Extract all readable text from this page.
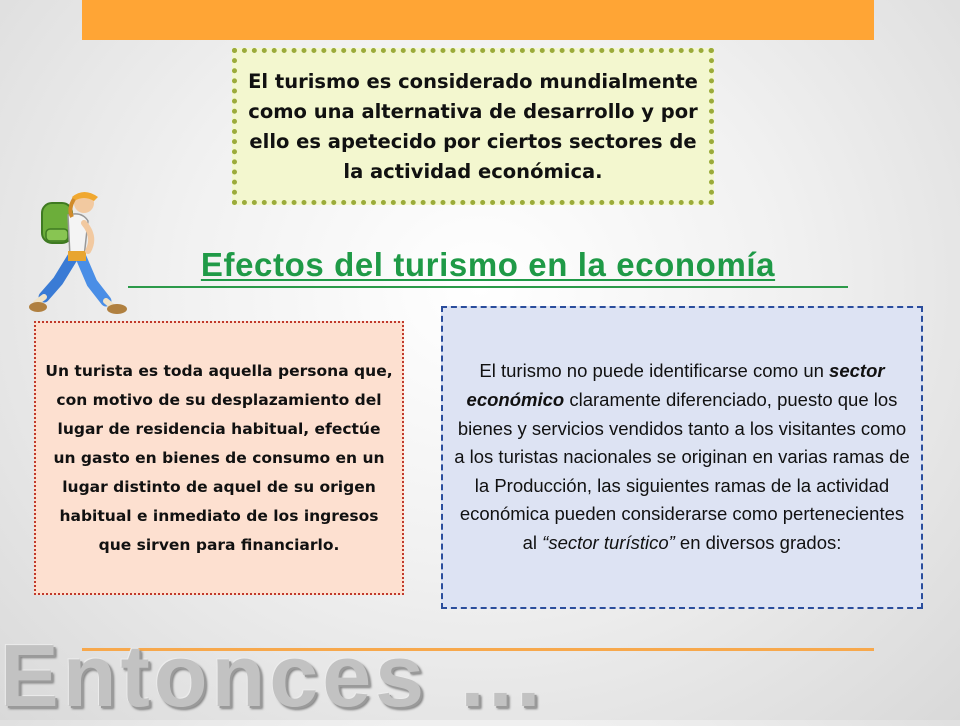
El turismo es considerado mundialmente como una alternativa de desarrollo y por ello es apetecido por ciertos sectores de la actividad económica.

Efectos del turismo en la economía

Un turista es toda aquella persona que, con motivo de su desplazamiento del lugar de residencia habitual, efectúe un gasto en bienes de consumo en un lugar distinto de aquel de su origen habitual e inmediato de los ingresos que sirven para financiarlo.

El turismo no puede identificarse como un sector económico claramente diferenciado, puesto que los bienes y servicios vendidos tanto a los visitantes como a los turistas nacionales se originan en varias ramas de la Producción, las siguientes ramas de la actividad económica pueden considerarse como pertenecientes al “sector turístico” en diversos grados:

Entonces …
